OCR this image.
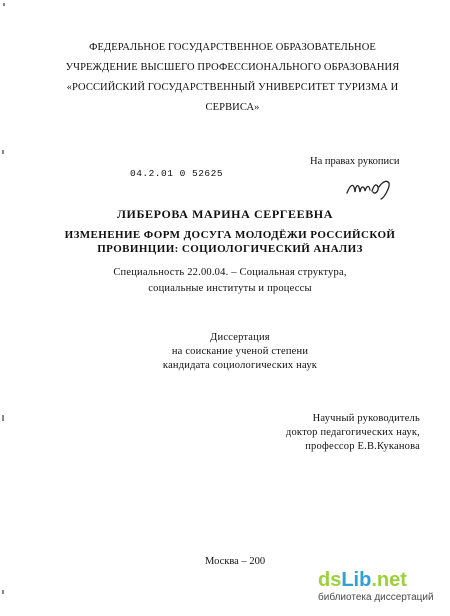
ФЕДЕРАЛЬНОЕ ГОСУДАРСТВЕННОЕ ОБРАЗОВАТЕЛЬНОЕ
УЧРЕЖДЕНИЕ ВЫСШЕГО ПРОФЕССИОНАЛЬНОГО ОБРАЗОВАНИЯ
«РОССИЙСКИЙ ГОСУДАРСТВЕННЫЙ УНИВЕРСИТЕТ ТУРИЗМА И
СЕРВИСА»
На правах рукописи
04.2.01 0 52625
ЛИБЕРОВА МАРИНА СЕРГЕЕВНА
ИЗМЕНЕНИЕ ФОРМ ДОСУГА МОЛОДЁЖИ РОССИЙСКОЙ
ПРОВИНЦИИ: СОЦИОЛОГИЧЕСКИЙ АНАЛИЗ
Специальность 22.00.04. – Социальная структура,
социальные институты и процессы
Диссертация
на соискание ученой степени
кандидата социологических наук
Научный руководитель
доктор педагогических наук,
профессор Е.В.Куканова
Москва – 200
dsLib.net
библиотека диссертаций
